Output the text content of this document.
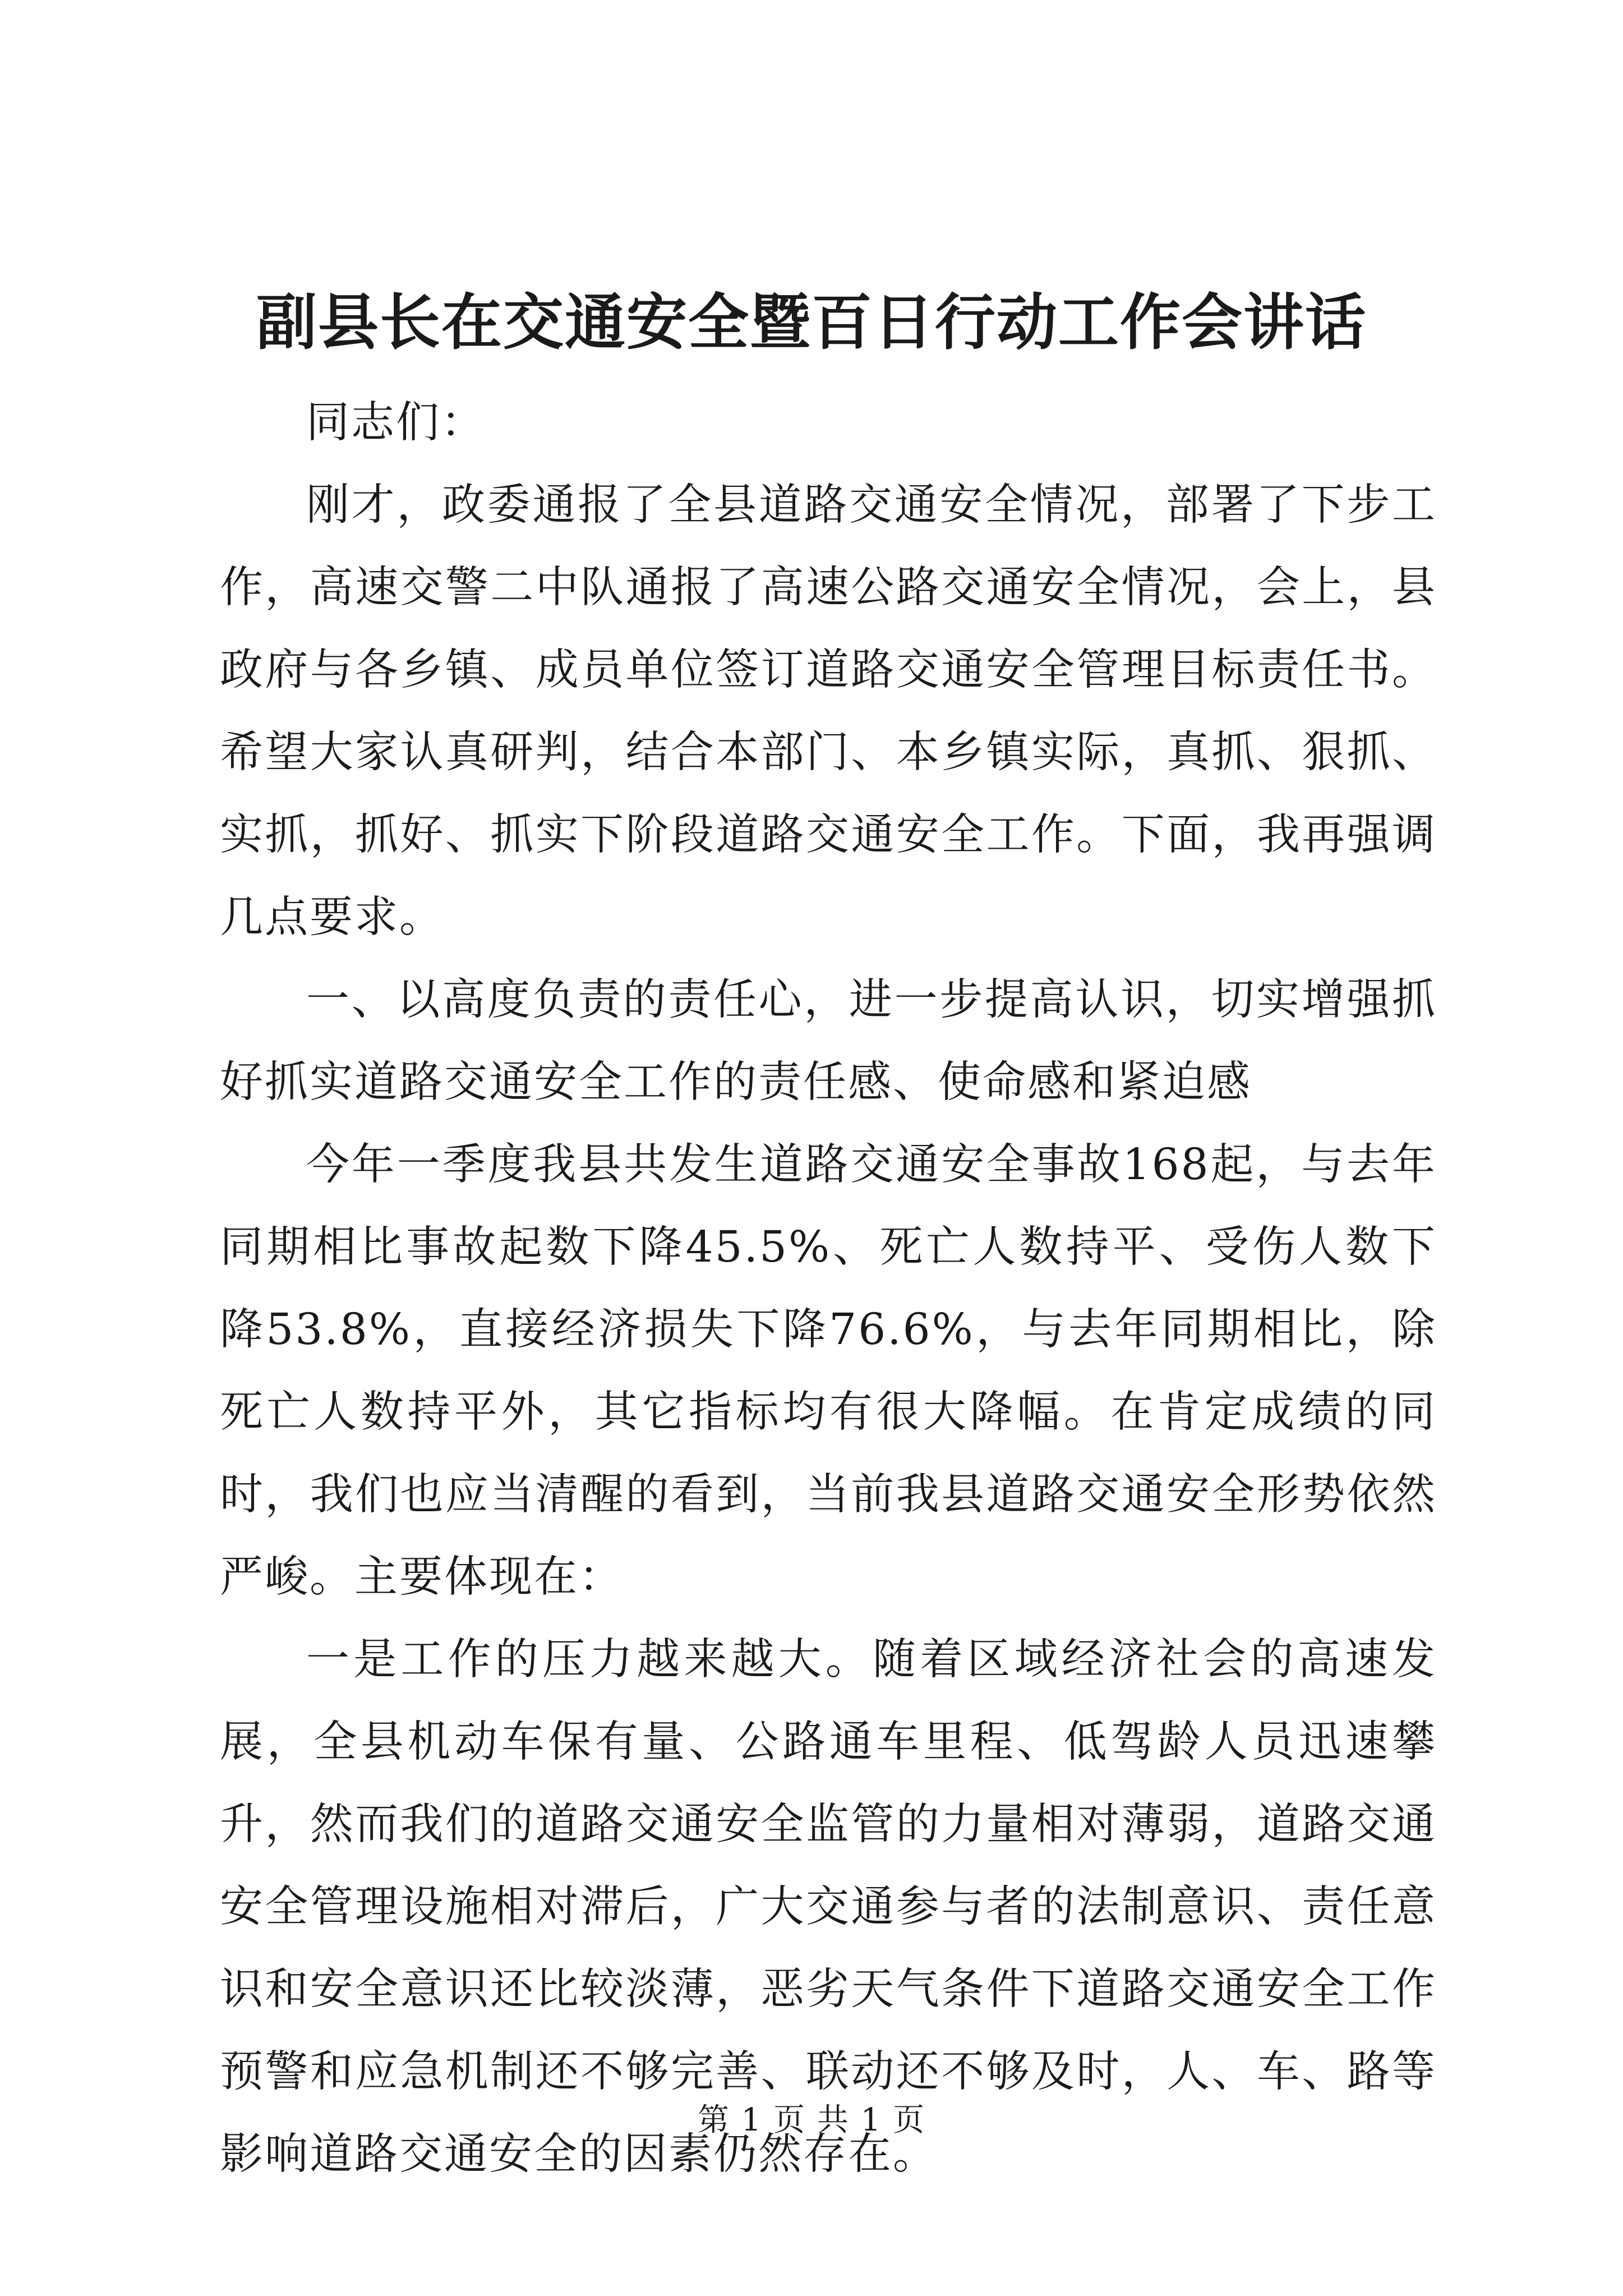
副县长在交通安全暨百日行动工作会讲话

同志们：

刚才，政委通报了全县道路交通安全情况，部署了下步工作，高速交警二中队通报了高速公路交通安全情况，会上，县政府与各乡镇、成员单位签订道路交通安全管理目标责任书。希望大家认真研判，结合本部门、本乡镇实际，真抓、狠抓、实抓，抓好、抓实下阶段道路交通安全工作。下面，我再强调几点要求。

一、以高度负责的责任心，进一步提高认识，切实增强抓好抓实道路交通安全工作的责任感、使命感和紧迫感

今年一季度我县共发生道路交通安全事故168起，与去年同期相比事故起数下降45.5%、死亡人数持平、受伤人数下降53.8%，直接经济损失下降76.6%，与去年同期相比，除死亡人数持平外，其它指标均有很大降幅。在肯定成绩的同时，我们也应当清醒的看到，当前我县道路交通安全形势依然严峻。主要体现在：

一是工作的压力越来越大。随着区域经济社会的高速发展，全县机动车保有量、公路通车里程、低驾龄人员迅速攀升，然而我们的道路交通安全监管的力量相对薄弱，道路交通安全管理设施相对滞后，广大交通参与者的法制意识、责任意识和安全意识还比较淡薄，恶劣天气条件下道路交通安全工作预警和应急机制还不够完善、联动还不够及时，人、车、路等影响道路交通安全的因素仍然存在。

第 1 页 共 1 页
